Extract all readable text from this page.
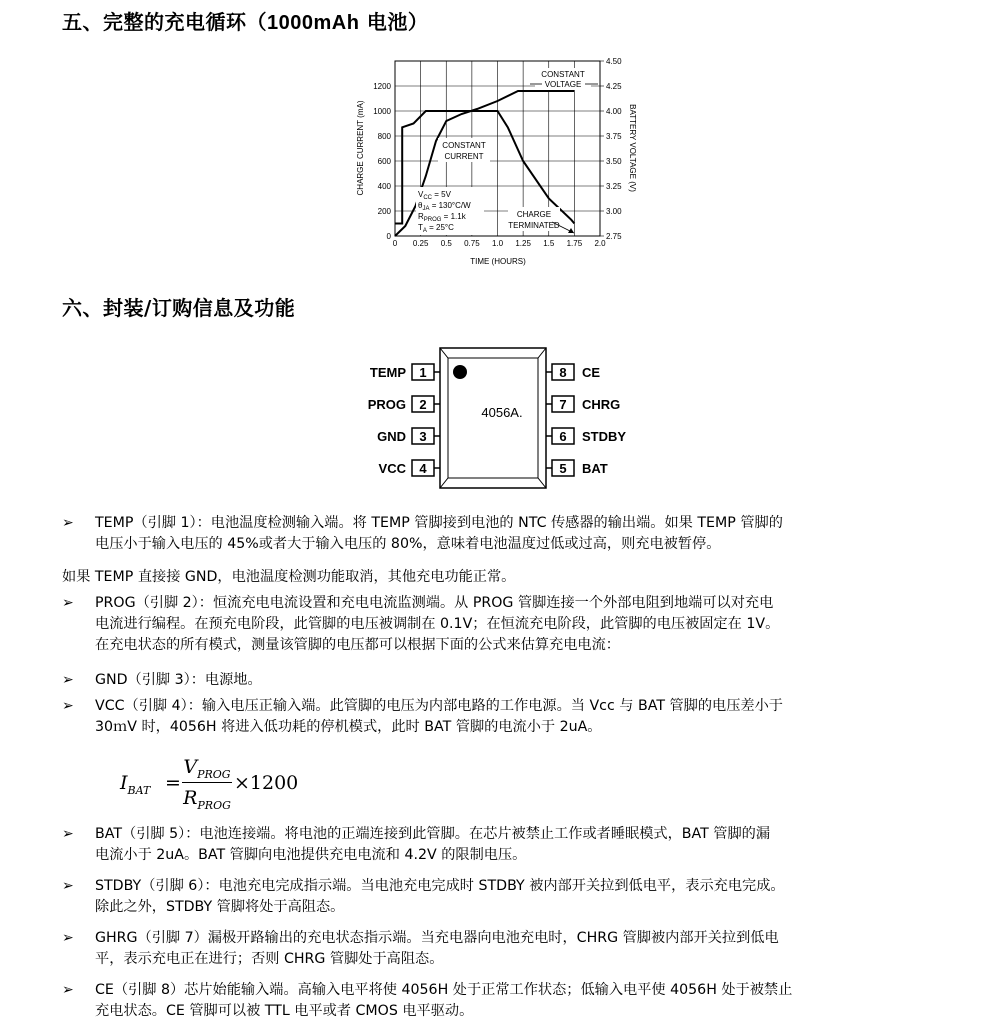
五、完整的充电循环（1000mAh 电池）
0 0.25 0.5 0.75 1.0 1.25 1.5 1.75 2.0
0
200
400
600
800
1000
1200
2.75
3.00
3.25
3.50
3.75
4.00
4.25
4.50
CONSTANT
VOLTAGE
CONSTANT
CURRENT
$V_{CC} = 5V$
$\theta_{JA} = 130^\circ C/W$
$R_{PROG} = 1.1k$
$T_A = 25^\circ C$
CHARGE
TERMINATED
TIME (HOURS)
CHARGE CURRENT (mA)	BATTERY VOLTAGE (V)
六、封装/订购信息及功能
4056A.
1
TEMP
2
PROG
3
GND
4
VCC
8 CE
7 CHRG
6 STDBY
5 BAT
➢	TEMP（引脚 1）：电池温度检测输入端。将 TEMP 管脚接到电池的 NTC 传感器的输出端。如果 TEMP 管脚的
电压小于输入电压的 45%或者大于输入电压的 80%，意味着电池温度过低或过高，则充电被暂停。
如果 TEMP 直接接 GND，电池温度检测功能取消，其他充电功能正常。
➢	PROG（引脚 2）：恒流充电电流设置和充电电流监测端。从 PROG 管脚连接一个外部电阻到地端可以对充电
电流进行编程。在预充电阶段，此管脚的电压被调制在 0.1V；在恒流充电阶段，此管脚的电压被固定在 1V。
在充电状态的所有模式，测量该管脚的电压都可以根据下面的公式来估算充电电流：
➢	GND（引脚 3）：电源地。
➢	VCC（引脚 4）：输入电压正输入端。此管脚的电压为内部电路的工作电源。当 Vcc 与 BAT 管脚的电压差小于
30ｍV 时，4056H 将进入低功耗的停机模式，此时 BAT 管脚的电流小于 2uA。
$I_{BAT}$ =
$V_{PROG}$
$R_{PROG}$
×1200
➢	BAT（引脚 5）：电池连接端。将电池的正端连接到此管脚。在芯片被禁止工作或者睡眠模式，BAT 管脚的漏
电流小于 2uA。BAT 管脚向电池提供充电电流和 4.2V 的限制电压。
➢	STDBY（引脚 6）：电池充电完成指示端。当电池充电完成时 STDBY 被内部开关拉到低电平，表示充电完成。
除此之外，STDBY 管脚将处于高阻态。
➢	GHRG（引脚 7）漏极开路输出的充电状态指示端。当充电器向电池充电时，CHRG 管脚被内部开关拉到低电
平，表示充电正在进行；否则 CHRG 管脚处于高阻态。
➢	CE（引脚 8）芯片始能输入端。高输入电平将使 4056H 处于正常工作状态；低输入电平使 4056H 处于被禁止
充电状态。CE 管脚可以被 TTL 电平或者 CMOS 电平驱动。
